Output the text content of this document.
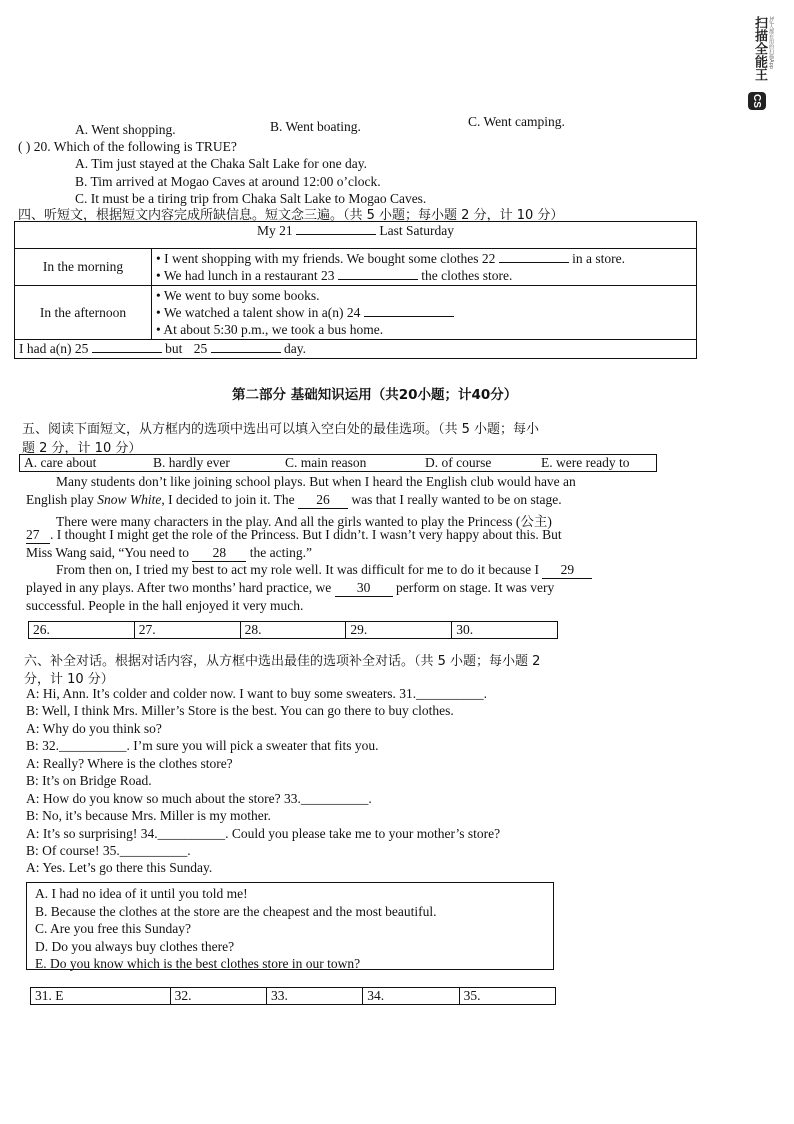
扫描全能王 3亿人都在用的扫描App
CS
A. Went shopping.	B. Went boating.	C. Went camping.
( ) 20. Which of the following is TRUE?
A. Tim just stayed at the Chaka Salt Lake for one day.
B. Tim arrived at Mogao Caves at around 12:00 o’clock.
C. It must be a tiring trip from Chaka Salt Lake to Mogao Caves.
四、听短文，根据短文内容完成所缺信息。短文念三遍。（共 5 小题；每小题 2 分，计 10 分）
My 21 Last Saturday	
In the morning	• I went shopping with my friends. We bought some clothes 22 in a store.
• We had lunch in a restaurant 23 the clothes store.

In the afternoon	• We went to buy some books.
• We watched a talent show in a(n) 24
• At about 5:30 p.m., we took a bus home.

I had a(n) 25 but 25 day.	
第二部分 基础知识运用（共20小题；计40分）
五、阅读下面短文，从方框内的选项中选出可以填入空白处的最佳选项。（共 5 小题；每小
题 2 分，计 10 分）
A. care about	B. hardly ever	C. main reason	D. of course	E. were ready to
Many students don’t like joining school plays. But when I heard the English club would have an
English play Snow White, I decided to join it. The 26 was that I really wanted to be on stage.
There were many characters in the play. And all the girls wanted to play the Princess (公主)
27 . I thought I might get the role of the Princess. But I didn’t. I wasn’t very happy about this. But
Miss Wang said, “You need to 28 the acting.”
From then on, I tried my best to act my role well. It was difficult for me to do it because I 29
played in any plays. After two months’ hard practice, we 30 perform on stage. It was very
successful. People in the hall enjoyed it very much.
26.	27.	28.	29.	30.
六、补全对话。根据对话内容，从方框中选出最佳的选项补全对话。（共 5 小题；每小题 2
分，计 10 分）
A: Hi, Ann. It’s colder and colder now. I want to buy some sweaters. 31.__________.
B: Well, I think Mrs. Miller’s Store is the best. You can go there to buy clothes.
A: Why do you think so?
B: 32.__________. I’m sure you will pick a sweater that fits you.
A: Really? Where is the clothes store?
B: It’s on Bridge Road.
A: How do you know so much about the store? 33.__________.
B: No, it’s because Mrs. Miller is my mother.
A: It’s so surprising! 34.__________. Could you please take me to your mother’s store?
B: Of course! 35.__________.
A: Yes. Let’s go there this Sunday.
A. I had no idea of it until you told me!
B. Because the clothes at the store are the cheapest and the most beautiful.
C. Are you free this Sunday?
D. Do you always buy clothes there?
E. Do you know which is the best clothes store in our town?
31. E	32.	33.	34.	35.
